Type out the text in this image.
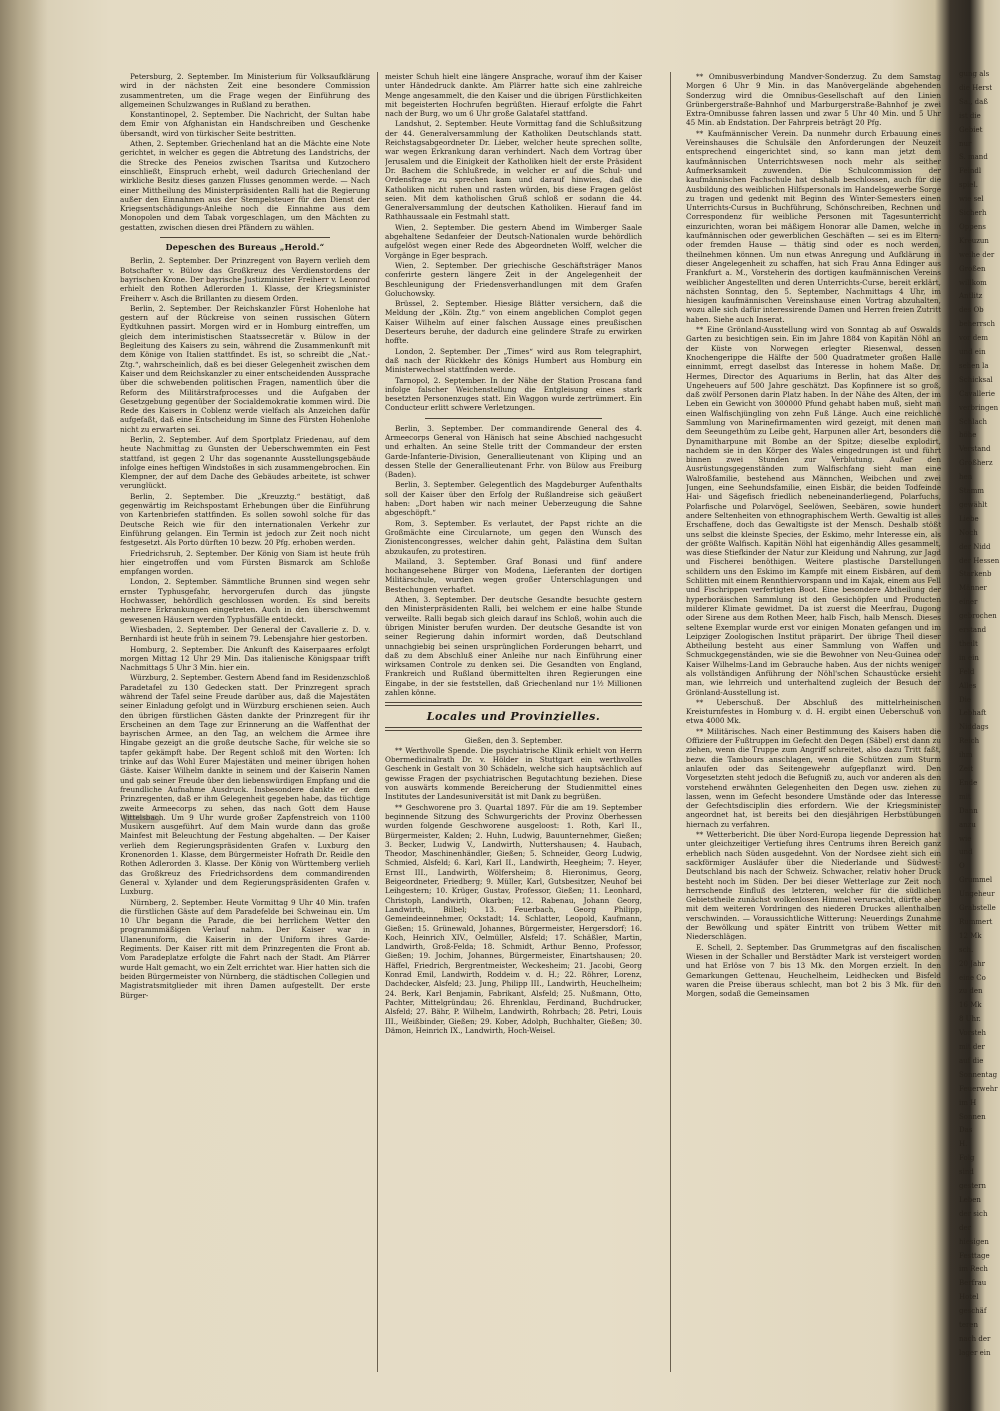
Petersburg, 2. September. Im Ministerium für Volksaufklärung wird in der nächsten Zeit eine besondere Commission zusammentreten, um die Frage wegen der Einführung des allgemeinen Schulzwanges in Rußland zu berathen.

Konstantinopel, 2. September. Die Nachricht, der Sultan habe dem Emir von Afghanistan ein Handschreiben und Geschenke übersandt, wird von türkischer Seite bestritten.

Athen, 2. September. Griechenland hat an die Mächte eine Note gerichtet, in welcher es gegen die Abtretung des Landstrichs, der die Strecke des Peneios zwischen Tsaritsa und Kutzochero einschließt, Einspruch erhebt, weil dadurch Griechenland der wirkliche Besitz dieses ganzen Flusses genommen werde. — Nach einer Mittheilung des Ministerpräsidenten Ralli hat die Regierung außer den Einnahmen aus der Stempelsteuer für den Dienst der Kriegsentschädigungs-Anleihe noch die Einnahme aus dem Monopolen und dem Tabak vorgeschlagen, um den Mächten zu gestatten, zwischen diesen drei Pfändern zu wählen.

Depeschen des Bureaus „Herold.“

Berlin, 2. September. Der Prinzregent von Bayern verlieh dem Botschafter v. Bülow das Großkreuz des Verdienstordens der bayrischen Krone. Der bayrische Justizminister Freiherr v. Leonrod erhielt den Rothen Adlerorden 1. Klasse, der Kriegsminister Freiherr v. Asch die Brillanten zu diesem Orden.

Berlin, 2. September. Der Reichskanzler Fürst Hohenlohe hat gestern auf der Rückreise von seinen russischen Gütern Eydtkuhnen passirt. Morgen wird er in Homburg eintreffen, um gleich dem interimistischen Staatssecretär v. Bülow in der Begleitung des Kaisers zu sein, während die Zusammenkunft mit dem Könige von Italien stattfindet. Es ist, so schreibt die „Nat.-Ztg.“, wahrscheinlich, daß es bei dieser Gelegenheit zwischen dem Kaiser und dem Reichskanzler zu einer entscheidenden Aussprache über die schwebenden politischen Fragen, namentlich über die Reform des Militärstrafprocesses und die Aufgaben der Gesetzgebung gegenüber der Socialdemokratie kommen wird. Die Rede des Kaisers in Coblenz werde vielfach als Anzeichen dafür aufgefaßt, daß eine Entscheidung im Sinne des Fürsten Hohenlohe nicht zu erwarten sei.

Berlin, 2. September. Auf dem Sportplatz Friedenau, auf dem heute Nachmittag zu Gunsten der Ueberschwemmten ein Fest stattfand, ist gegen 2 Uhr das sogenannte Ausstellungsgebäude infolge eines heftigen Windstoßes in sich zusammengebrochen. Ein Klempner, der auf dem Dache des Gebäudes arbeitete, ist schwer verunglückt.

Berlin, 2. September. Die „Kreuzztg.“ bestätigt, daß gegenwärtig im Reichspostamt Erhebungen über die Einführung von Kartenbriefen stattfinden. Es sollen sowohl solche für das Deutsche Reich wie für den internationalen Verkehr zur Einführung gelangen. Ein Termin ist jedoch zur Zeit noch nicht festgesetzt. Als Porto dürften 10 bezw. 20 Pfg. erhoben werden.

Friedrichsruh, 2. September. Der König von Siam ist heute früh hier eingetroffen und vom Fürsten Bismarck am Schloße empfangen worden.

London, 2. September. Sämmtliche Brunnen sind wegen sehr ernster Typhusgefahr, hervorgerufen durch das jüngste Hochwasser, behördlich geschlossen worden. Es sind bereits mehrere Erkrankungen eingetreten. Auch in den überschwemmt gewesenen Häusern werden Typhusfälle entdeckt.

Wiesbaden, 2. September. Der General der Cavallerie z. D. v. Bernhardi ist heute früh in seinem 79. Lebensjahre hier gestorben.

Homburg, 2. September. Die Ankunft des Kaiserpaares erfolgt morgen Mittag 12 Uhr 29 Min. Das italienische Königspaar trifft Nachmittags 5 Uhr 3 Min. hier ein.

Würzburg, 2. September. Gestern Abend fand im Residenzschloß Paradetafel zu 130 Gedecken statt. Der Prinzregent sprach während der Tafel seine Freude darüber aus, daß die Majestäten seiner Einladung gefolgt und in Würzburg erschienen seien. Auch den übrigen fürstlichen Gästen dankte der Prinzregent für ihr Erscheinen an dem Tage zur Erinnerung an die Waffenthat der bayrischen Armee, an den Tag, an welchem die Armee ihre Hingabe gezeigt an die große deutsche Sache, für welche sie so tapfer gekämpft habe. Der Regent schloß mit den Worten: Ich trinke auf das Wohl Eurer Majestäten und meiner übrigen hohen Gäste. Kaiser Wilhelm dankte in seinem und der Kaiserin Namen und gab seiner Freude über den liebenswürdigen Empfang und die freundliche Aufnahme Ausdruck. Insbesondere dankte er dem Prinzregenten, daß er ihm Gelegenheit gegeben habe, das tüchtige zweite Armeecorps zu sehen, das nach Gott dem Hause Wittelsbach. Um 9 Uhr wurde großer Zapfenstreich von 1100 Musikern ausgeführt. Auf dem Main wurde dann das große Mainfest mit Beleuchtung der Festung abgehalten. — Der Kaiser verlieh dem Regierungspräsidenten Grafen v. Luxburg den Kronenorden 1. Klasse, dem Bürgermeister Hofrath Dr. Reidle den Rothen Adlerorden 3. Klasse. Der König von Württemberg verlieh das Großkreuz des Friedrichsordens dem commandirenden General v. Xylander und dem Regierungspräsidenten Grafen v. Luxburg.

Nürnberg, 2. September. Heute Vormittag 9 Uhr 40 Min. trafen die fürstlichen Gäste auf dem Paradefelde bei Schweinau ein. Um 10 Uhr begann die Parade, die bei herrlichem Wetter den programmmäßigen Verlauf nahm. Der Kaiser war in Ulanenuniform, die Kaiserin in der Uniform ihres Garde-Regiments. Der Kaiser ritt mit dem Prinzregenten die Front ab. Vom Paradeplatze erfolgte die Fahrt nach der Stadt. Am Plärrer wurde Halt gemacht, wo ein Zelt errichtet war. Hier hatten sich die beiden Bürgermeister von Nürnberg, die städtischen Collegien und Magistratsmitglieder mit ihren Damen aufgestellt. Der erste Bürger-

meister Schuh hielt eine längere Ansprache, worauf ihm der Kaiser unter Händedruck dankte. Am Plärrer hatte sich eine zahlreiche Menge angesammelt, die den Kaiser und die übrigen Fürstlichkeiten mit begeisterten Hochrufen begrüßten. Hierauf erfolgte die Fahrt nach der Burg, wo um 6 Uhr große Galatafel stattfand.

Landshut, 2. September. Heute Vormittag fand die Schlußsitzung der 44. Generalversammlung der Katholiken Deutschlands statt. Reichstagsabgeordneter Dr. Lieber, welcher heute sprechen sollte, war wegen Erkrankung daran verhindert. Nach dem Vortrag über Jerusalem und die Einigkeit der Katholiken hielt der erste Präsident Dr. Bachem die Schlußrede, in welcher er auf die Schul- und Ordensfrage zu sprechen kam und darauf hinwies, daß die Katholiken nicht ruhen und rasten würden, bis diese Fragen gelöst seien. Mit dem katholischen Gruß schloß er sodann die 44. Generalversammlung der deutschen Katholiken. Hierauf fand im Rathhaussaale ein Festmahl statt.

Wien, 2. September. Die gestern Abend im Wimberger Saale abgehaltene Sedanfeier der Deutsch-Nationalen wurde behördlich aufgelöst wegen einer Rede des Abgeordneten Wolff, welcher die Vorgänge in Eger besprach.

Wien, 2. September. Der griechische Geschäftsträger Manos conferirte gestern längere Zeit in der Angelegenheit der Beschleunigung der Friedensverhandlungen mit dem Grafen Goluchowsky.

Brüssel, 2. September. Hiesige Blätter versichern, daß die Meldung der „Köln. Ztg.“ von einem angeblichen Complot gegen Kaiser Wilhelm auf einer falschen Aussage eines preußischen Deserteurs beruhe, der dadurch eine gelindere Strafe zu erwirken hoffte.

London, 2. September. Der „Times“ wird aus Rom telegraphirt, daß nach der Rückkehr des Königs Humbert aus Homburg ein Ministerwechsel stattfinden werde.

Tarnopol, 2. September. In der Nähe der Station Proscana fand infolge falscher Weichenstellung die Entgleisung eines stark besetzten Personenzuges statt. Ein Waggon wurde zertrümmert. Ein Conducteur erlitt schwere Verletzungen.

Berlin, 3. September. Der commandirende General des 4. Armeecorps General von Hänisch hat seine Abschied nachgesucht und erhalten. An seine Stelle tritt der Commandeur der ersten Garde-Infanterie-Division, Generallieutenant von Kliping und an dessen Stelle der Generallieutenant Frhr. von Bülow aus Freiburg (Baden).

Berlin, 3. September. Gelegentlich des Magdeburger Aufenthalts soll der Kaiser über den Erfolg der Rußlandreise sich geäußert haben: „Dort haben wir nach meiner Ueberzeugung die Sahne abgeschöpft.“

Rom, 3. September. Es verlautet, der Papst richte an die Großmächte eine Circularnote, um gegen den Wunsch des Zionistencongresses, welcher dahin geht, Palästina dem Sultan abzukaufen, zu protestiren.

Mailand, 3. September. Graf Bonasi und fünf andere hochangesehene Bürger von Modena, Lieferanten der dortigen Militärschule, wurden wegen großer Unterschlagungen und Bestechungen verhaftet.

Athen, 3. September. Der deutsche Gesandte besuchte gestern den Ministerpräsidenten Ralli, bei welchem er eine halbe Stunde verweilte. Ralli begab sich gleich darauf ins Schloß, wohin auch die übrigen Minister berufen wurden. Der deutsche Gesandte ist von seiner Regierung dahin informirt worden, daß Deutschland unnachgiebig bei seinen ursprünglichen Forderungen beharrt, und daß zu dem Abschluß einer Anleihe nur nach Einführung einer wirksamen Controle zu denken sei. Die Gesandten von England, Frankreich und Rußland übermittelten ihren Regierungen eine Eingabe, in der sie feststellen, daß Griechenland nur 1½ Millionen zahlen könne.

Locales und Provinzielles.

Gießen, den 3. September.

** Werthvolle Spende. Die psychiatrische Klinik erhielt von Herrn Obermedicinalrath Dr. v. Hölder in Stuttgart ein werthvolles Geschenk in Gestalt von 30 Schädeln, welche sich hauptsächlich auf gewisse Fragen der psychiatrischen Begutachtung beziehen. Diese von auswärts kommende Bereicherung der Studienmittel eines Institutes der Landesuniversität ist mit Dank zu begrüßen.

** Geschworene pro 3. Quartal 1897. Für die am 19. September beginnende Sitzung des Schwurgerichts der Provinz Oberhessen wurden folgende Geschworene ausgeloost: 1. Roth, Karl II., Bürgermeister, Kalden; 2. Huhn, Ludwig, Bauunternehmer, Gießen; 3. Becker, Ludwig V., Landwirth, Nuttershausen; 4. Haubach, Theodor, Maschinenhändler, Gießen; 5. Schneider, Georg Ludwig, Schmied, Alsfeld; 6. Karl, Karl II., Landwirth, Heegheim; 7. Heyer, Ernst III., Landwirth, Wölfersheim; 8. Hieronimus, Georg, Beigeordneter, Friedberg; 9. Müller, Karl, Gutsbesitzer, Neuhof bei Leihgestern; 10. Krüger, Gustav, Professor, Gießen; 11. Leonhard, Christoph, Landwirth, Okarben; 12. Rabenau, Johann Georg, Landwirth, Bilbel; 13. Feuerbach, Georg Philipp, Gemeindeeinnehmer, Ockstadt; 14. Schlatter, Leopold, Kaufmann, Gießen; 15. Grünewald, Johannes, Bürgermeister, Hergersdorf; 16. Koch, Heinrich XIV., Oelmüller, Alsfeld; 17. Schäßler, Martin, Landwirth, Groß-Felda; 18. Schmidt, Arthur Benno, Professor, Gießen; 19. Jochim, Johannes, Bürgermeister, Einartshausen; 20. Häffel, Friedrich, Bergrentmeister, Weckesheim; 21. Jacobi, Georg Konrad Emil, Landwirth, Roddeim v. d. H.; 22. Röhrer, Lorenz, Dachdecker, Alsfeld; 23. Jung, Philipp III., Landwirth, Heuchelheim; 24. Berk, Karl Benjamin, Fabrikant, Alsfeld; 25. Nußmann, Otto, Pachter, Mittelgründau; 26. Ehrenklau, Ferdinand, Buchdrucker, Alsfeld; 27. Bähr, P. Wilhelm, Landwirth, Rohrbach; 28. Petri, Louis III., Weißbinder, Gießen; 29. Kober, Adolph, Buchhalter, Gießen; 30. Dämon, Heinrich IX., Landwirth, Hoch-Weisel.

** Omnibusverbindung Mandver-Sonderzug. Zu dem Samstag Morgen 6 Uhr 9 Min. in das Manövergelände abgehenden Sonderzug wird die Omnibus-Gesellschaft auf den Linien Grünbergerstraße-Bahnhof und Marburgerstraße-Bahnhof je zwei Extra-Omnibusse fahren lassen und zwar 5 Uhr 40 Min. und 5 Uhr 45 Min. ab Endstation. Der Fahrpreis beträgt 20 Pfg.

** Kaufmännischer Verein. Da nunmehr durch Erbauung eines Vereinshauses die Schulsäle den Anforderungen der Neuzeit entsprechend eingerichtet sind, so kann man jetzt dem kaufmännischen Unterrichtswesen noch mehr als seither Aufmerksamkeit zuwenden. Die Schulcommission der kaufmännischen Fachschule hat deshalb beschlossen, auch für die Ausbildung des weiblichen Hilfspersonals im Handelsgewerbe Sorge zu tragen und gedenkt mit Beginn des Winter-Semesters einen Unterrichts-Cursus in Buchführung, Schönschreiben, Rechnen und Correspondenz für weibliche Personen mit Tagesunterricht einzurichten, woran bei mäßigem Honorar alle Damen, welche in kaufmännischen oder gewerblichen Geschäften — sei es im Eltern- oder fremden Hause — thätig sind oder es noch werden, theilnehmen können. Um nun etwas Anregung und Aufklärung in dieser Angelegenheit zu schaffen, hat sich Frau Anna Edinger aus Frankfurt a. M., Vorsteherin des dortigen kaufmännischen Vereins weiblicher Angestellten und deren Unterrichts-Curse, bereit erklärt, nächsten Sonntag, den 5. September, Nachmittags 4 Uhr, im hiesigen kaufmännischen Vereinshause einen Vortrag abzuhalten, wozu alle sich dafür interessirende Damen und Herren freien Zutritt haben. Siehe auch Inserat.

** Eine Grönland-Ausstellung wird von Sonntag ab auf Oswalds Garten zu besichtigen sein. Ein im Jahre 1884 von Kapitän Nöhl an der Küste von Norwegen erlegter Riesenwal, dessen Knochengerippe die Hälfte der 500 Quadratmeter großen Halle einnimmt, erregt daselbst das Interesse in hohem Maße. Dr. Hermes, Director des Aquariums in Berlin, hat das Alter des Ungeheuers auf 500 Jahre geschätzt. Das Kopfinnere ist so groß, daß zwölf Personen darin Platz haben. In der Nähe des Alten, der im Leben ein Gewicht von 300000 Pfund gehabt haben muß, sieht man einen Walfischjüngling von zehn Fuß Länge. Auch eine reichliche Sammlung von Marinefirmamenten wird gezeigt, mit denen man dem Seeungethüm zu Leibe geht, Harpunen aller Art, besonders die Dynamitharpune mit Bombe an der Spitze; dieselbe explodirt, nachdem sie in den Körper des Wales eingedrungen ist und führt binnen zwei Stunden zur Verblutung. Außer den Ausrüstungsgegenständen zum Walfischfang sieht man eine Walroßfamilie, bestehend aus Männchen, Weibchen und zwei Jungen, eine Seehundsfamilie, einen Eisbär, die beiden Todfeinde Hai- und Sägefisch friedlich nebeneinanderliegend, Polarfuchs, Polarfische und Polarvögel, Seelöwen, Seebären, sowie hundert andere Seltenheiten von ethnographischem Werth. Gewaltig ist alles Erschaffene, doch das Gewaltigste ist der Mensch. Deshalb stößt uns selbst die kleinste Species, der Eskimo, mehr Interesse ein, als der größte Walfisch. Kapitän Nöhl hat eigenhändig Alles gesammelt, was diese Stiefkinder der Natur zur Kleidung und Nahrung, zur Jagd und Fischerei benöthigen. Weitere plastische Darstellungen schildern uns den Eskimo im Kampfe mit einem Eisbären, auf dem Schlitten mit einem Rennthiervorspann und im Kajak, einem aus Fell und Fischrippen verfertigten Boot. Eine besondere Abtheilung der hyperboräischen Sammlung ist den Gesichöpfen und Producten milderer Klimate gewidmet. Da ist zuerst die Meerfrau, Dugong oder Sirene aus dem Rothen Meer, halb Fisch, halb Mensch. Dieses seltene Exemplar wurde erst vor einigen Monaten gefangen und im Leipziger Zoologischen Institut präparirt. Der übrige Theil dieser Abtheilung besteht aus einer Sammlung von Waffen und Schmuckgegenständen, wie sie die Bewohner von Neu-Guinea oder Kaiser Wilhelms-Land im Gebrauche haben. Aus der nichts weniger als vollständigen Anführung der Nöhl'schen Schaustücke ersieht man, wie lehrreich und unterhaltend zugleich der Besuch der Grönland-Ausstellung ist.

** Ueberschuß. Der Abschluß des mittelrheinischen Kreisturnfestes in Homburg v. d. H. ergibt einen Ueberschuß von etwa 4000 Mk.

** Militärisches. Nach einer Bestimmung des Kaisers haben die Offiziere der Fußtruppen im Gefecht den Degen (Säbel) erst dann zu ziehen, wenn die Truppe zum Angriff schreitet, also dazu Tritt faßt, bezw. die Tambours anschlagen, wenn die Schützen zum Sturm anlaufen oder das Seitengewehr aufgepflanzt wird. Den Vorgesetzten steht jedoch die Befugniß zu, auch vor anderen als den vorstehend erwähnten Gelegenheiten den Degen usw. ziehen zu lassen, wenn im Gefecht besondere Umstände oder das Interesse der Gefechtsdisciplin dies erfordern. Wie der Kriegsminister angeordnet hat, ist bereits bei den diesjährigen Herbstübungen hiernach zu verfahren.

** Wetterbericht. Die über Nord-Europa liegende Depression hat unter gleichzeitiger Vertiefung ihres Centrums ihren Bereich ganz erheblich nach Süden ausgedehnt. Von der Nordsee zieht sich ein sackförmiger Ausläufer über die Niederlande und Südwest-Deutschland bis nach der Schweiz. Schwacher, relativ hoher Druck besteht noch im Süden. Der bei dieser Wetterlage zur Zeit noch herrschende Einfluß des letzteren, welcher für die südlichen Gebietstheile zunächst wolkenlosen Himmel verursacht, dürfte aber mit dem weiteren Vordringen des niederen Druckes allenthalben verschwinden. — Voraussichtliche Witterung: Neuerdings Zunahme der Bewölkung und später Eintritt von trübem Wetter mit Niederschlägen.

E. Schell, 2. September. Das Grummetgras auf den fiscalischen Wiesen in der Schaller und Berstädter Mark ist versteigert worden und hat Erlöse von 7 bis 13 Mk. den Morgen erzielt. In den Gemarkungen Gettenau, Heuchelheim, Leidhecken und Bisfeld waren die Preise überaus schlecht, man bot 2 bis 3 Mk. für den Morgen, sodaß die Gemeinsamen

gung als
die Herst
Sa., daß
ist die
Gebiet
nur
S. mand
Feindl
spiel.
wie sel
Sicherh
Oppens
Kreuzun
weihe der
Großen
willkom
Antlitz
des Ob
beherrsch
vor dem
und ein
sehen la
Schicksal
Cavallerie
verbringen
Schlach
höhe
Verstand
Großherz
hen
Stamm
gewählt
Liebe
Noch
der Nidd
der Hessen
Starkenb
Männer
einer
gebrochen
erstand
theilt
in ein
Feld
Alles
Die
Lebhaft
Niddags
Reich
ihm
Zeit
Ende
mit
Dann
anzu
wie
und
O
Grummel
Ungeheur
Grabstelle
Rummert
12 Mk
sch.
20 Jahr
eine Co
zu den
16 Mk
8 Uhr.
Vorsteh
mit der
auf die
Sonnentag
Feuerwehr
im H
Sonnen
Das
H.
Folg
sind
gestern
Leben
der sich
der
hiesigen
Festtage
im Rech
Berfrau
Hotel
geschäf
teren
nach der
lager ein
